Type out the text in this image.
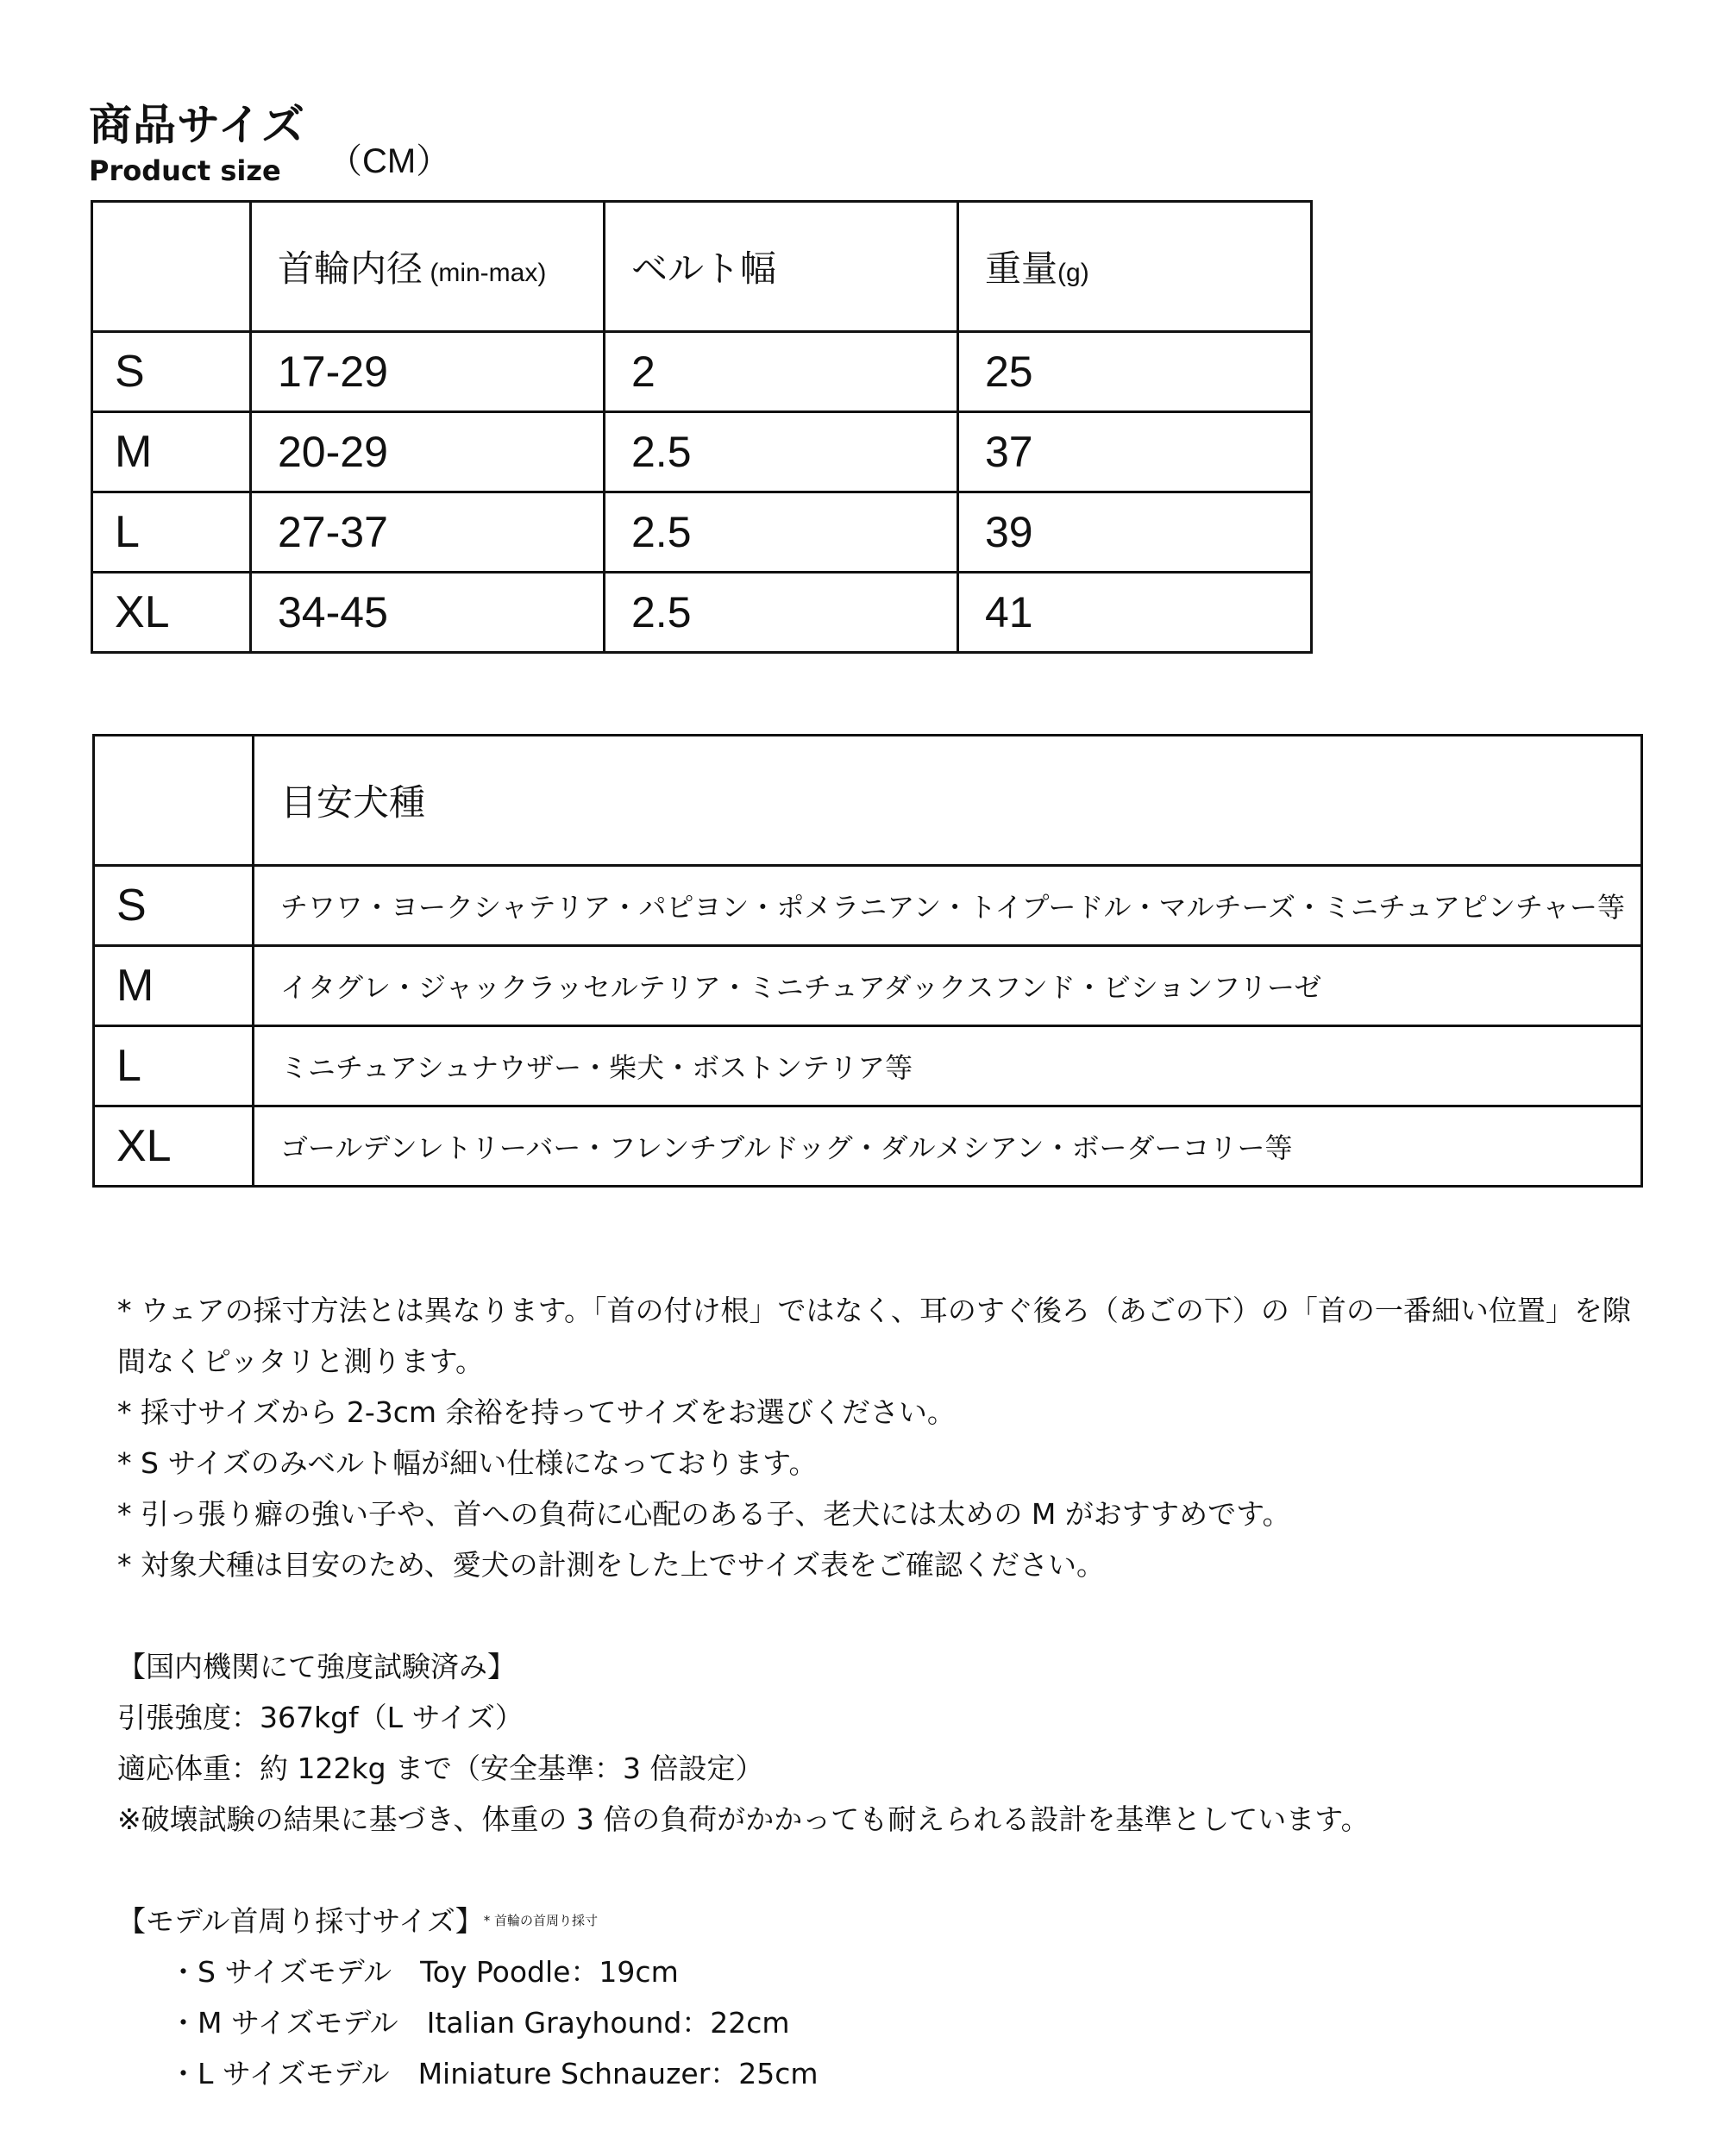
商品サイズ
Product size	（CM）
	首輪内径 (min-max)	ベルト幅	重量(g)
S	17-29	2	25
M	20-29	2.5	37
L	27-37	2.5	39
XL	34-45	2.5	41
	目安犬種
S	チワワ・ヨークシャテリア・パピヨン・ポメラニアン・トイプードル・マルチーズ・ミニチュアピンチャー等
M	イタグレ・ジャックラッセルテリア・ミニチュアダックスフンド・ビションフリーゼ
L	ミニチュアシュナウザー・柴犬・ボストンテリア等
XL	ゴールデンレトリーバー・フレンチブルドッグ・ダルメシアン・ボーダーコリー等

* ウェアの採寸方法とは異なります。「首の付け根」ではなく、耳のすぐ後ろ（あごの下）の「首の一番細い位置」を隙

間なくピッタリと測ります。

* 採寸サイズから 2-3cm 余裕を持ってサイズをお選びください。

* S サイズのみベルト幅が細い仕様になっております。

* 引っ張り癖の強い子や、首への負荷に心配のある子、老犬には太めの M がおすすめです。

* 対象犬種は目安のため、愛犬の計測をした上でサイズ表をご確認ください。

【国内機関にて強度試験済み】

引張強度：367kgf（L サイズ）

適応体重：約 122kg まで（安全基準：3 倍設定）

※破壊試験の結果に基づき、体重の 3 倍の負荷がかかっても耐えられる設計を基準としています。

【モデル首周り採寸サイズ】$^{* 首輪の首周り採寸}$

・S サイズモデル　Toy Poodle：19cm

・M サイズモデル　Italian Grayhound：22cm

・L サイズモデル　Miniature Schnauzer：25cm
